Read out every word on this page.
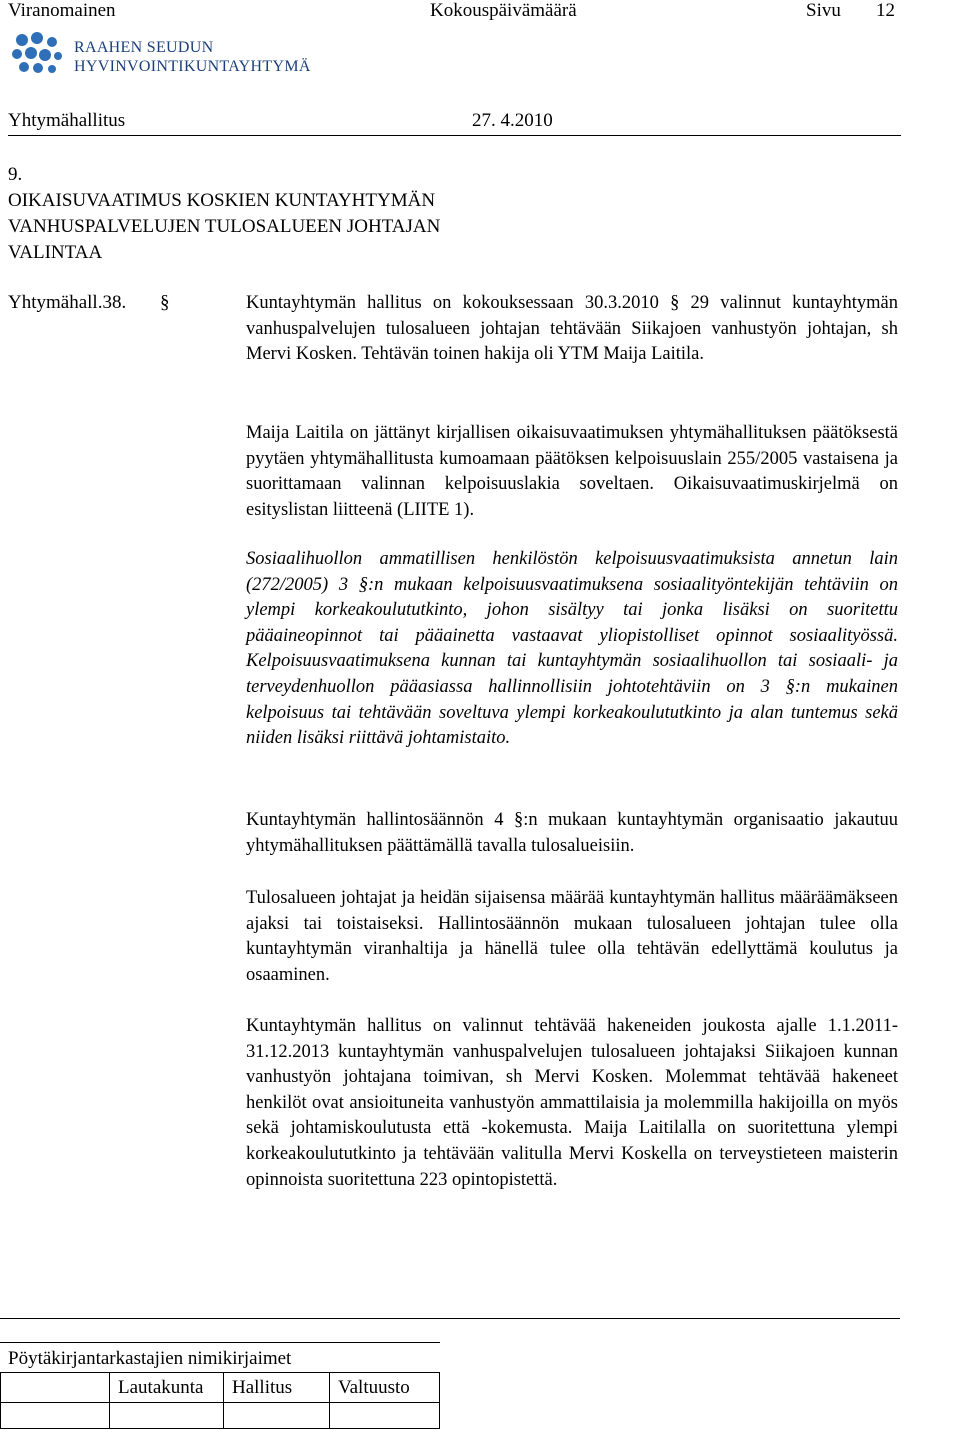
Viranomainen	Kokouspäivämäärä	Sivu 12
RAAHEN SEUDUN
HYVINVOINTIKUNTAYHTYMÄ
Yhtymähallitus	27. 4.2010
9.
OIKAISUVAATIMUS KOSKIEN KUNTAYHTYMÄN
VANHUSPALVELUJEN TULOSALUEEN JOHTAJAN
VALINTAA
Yhtymähall.38. §	Kuntayhtymän hallitus on kokouksessaan 30.3.2010 § 29 valinnut kuntayhtymän vanhuspalvelujen tulosalueen johtajan tehtävään Siikajoen vanhustyön johtajan, sh Mervi Kosken. Tehtävän toinen hakija oli YTM Maija Laitila.
Maija Laitila on jättänyt kirjallisen oikaisuvaatimuksen yhtymähallituksen päätöksestä pyytäen yhtymähallitusta kumoamaan päätöksen kelpoisuuslain 255/2005 vastaisena ja suorittamaan valinnan kelpoisuuslakia soveltaen. Oikaisuvaatimuskirjelmä on esityslistan liitteenä (LIITE 1).
Sosiaalihuollon ammatillisen henkilöstön kelpoisuusvaatimuksista annetun lain (272/2005) 3 §:n mukaan kelpoisuusvaatimuksena sosiaalityöntekijän tehtäviin on ylempi korkeakoulututkinto, johon sisältyy tai jonka lisäksi on suoritettu pääaineopinnot tai pääainetta vastaavat yliopistolliset opinnot sosiaalityössä. Kelpoisuusvaatimuksena kunnan tai kuntayhtymän sosiaalihuollon tai sosiaali- ja terveydenhuollon pääasiassa hallinnollisiin johtotehtäviin on 3 §:n mukainen kelpoisuus tai tehtävään soveltuva ylempi korkeakoulututkinto ja alan tuntemus sekä niiden lisäksi riittävä johtamistaito.
Kuntayhtymän hallintosäännön 4 §:n mukaan kuntayhtymän organisaatio jakautuu yhtymähallituksen päättämällä tavalla tulosalueisiin.
Tulosalueen johtajat ja heidän sijaisensa määrää kuntayhtymän hallitus määräämäkseen ajaksi tai toistaiseksi. Hallintosäännön mukaan tulosalueen johtajan tulee olla kuntayhtymän viranhaltija ja hänellä tulee olla tehtävän edellyttämä koulutus ja osaaminen.
Kuntayhtymän hallitus on valinnut tehtävää hakeneiden joukosta ajalle 1.1.2011-31.12.2013 kuntayhtymän vanhuspalvelujen tulosalueen johtajaksi Siikajoen kunnan vanhustyön johtajana toimivan, sh Mervi Kosken. Molemmat tehtävää hakeneet henkilöt ovat ansioituneita vanhustyön ammattilaisia ja molemmilla hakijoilla on myös sekä johtamiskoulutusta että -kokemusta. Maija Laitilalla on suoritettuna ylempi korkeakoulututkinto ja tehtävään valitulla Mervi Koskella on terveystieteen maisterin opinnoista suoritettuna 223 opintopistettä.
Pöytäkirjantarkastajien nimikirjaimet
Lautakunta	Hallitus	Valtuusto
